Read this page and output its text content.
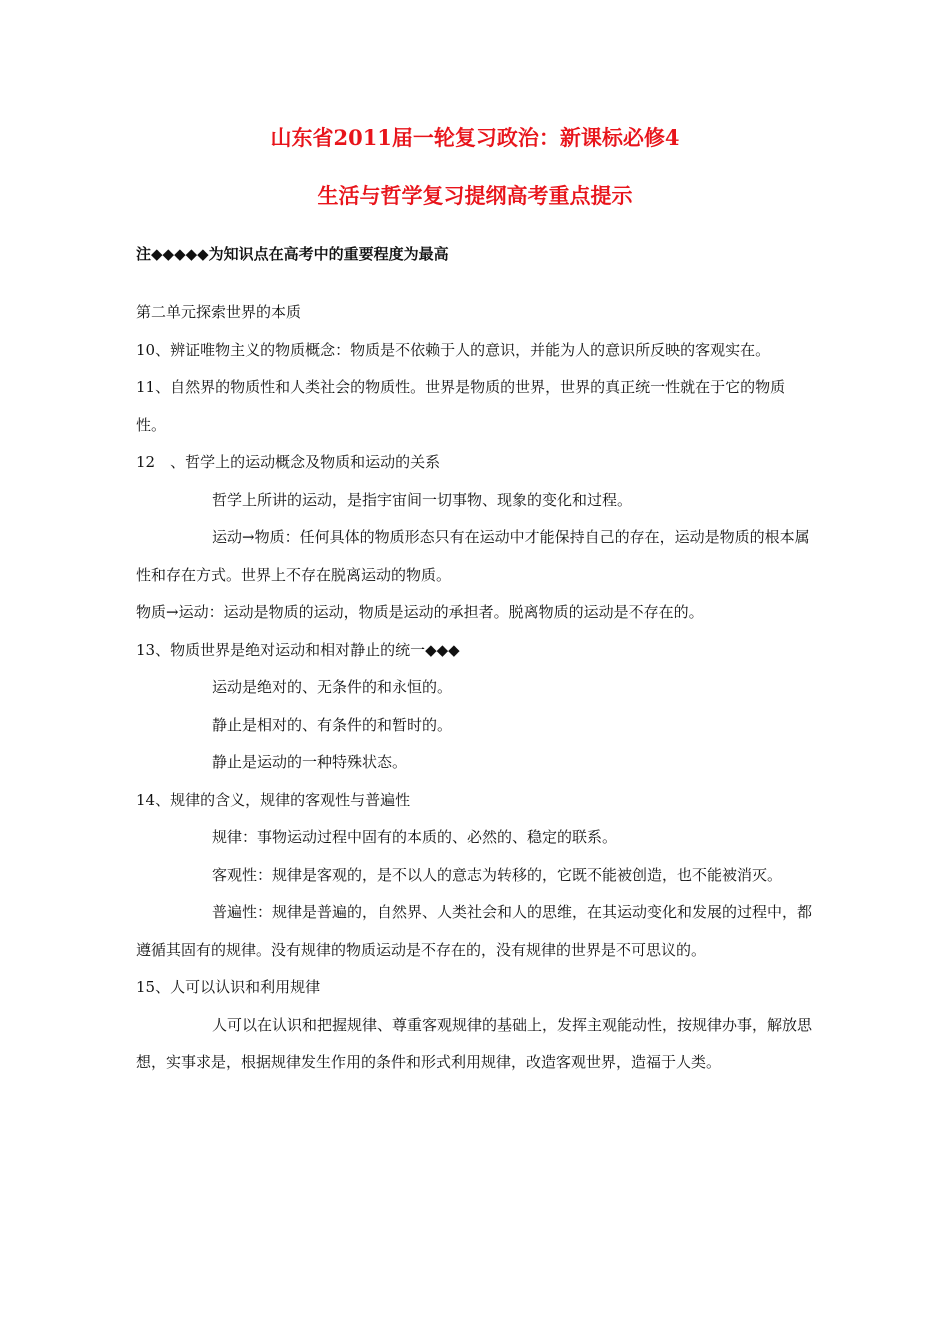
山东省2011届一轮复习政治：新课标必修4
生活与哲学复习提纲高考重点提示
注◆◆◆◆◆为知识点在高考中的重要程度为最高

第二单元探索世界的本质

10、辨证唯物主义的物质概念：物质是不依赖于人的意识，并能为人的意识所反映的客观实在。

11、自然界的物质性和人类社会的物质性。世界是物质的世界，世界的真正统一性就在于它的物质性。

12　、哲学上的运动概念及物质和运动的关系

哲学上所讲的运动，是指宇宙间一切事物、现象的变化和过程。

运动→物质：任何具体的物质形态只有在运动中才能保持自己的存在，运动是物质的根本属性和存在方式。世界上不存在脱离运动的物质。

物质→运动：运动是物质的运动，物质是运动的承担者。脱离物质的运动是不存在的。

13、物质世界是绝对运动和相对静止的统一◆◆◆

运动是绝对的、无条件的和永恒的。

静止是相对的、有条件的和暂时的。

静止是运动的一种特殊状态。

14、规律的含义，规律的客观性与普遍性

规律：事物运动过程中固有的本质的、必然的、稳定的联系。

客观性：规律是客观的，是不以人的意志为转移的，它既不能被创造，也不能被消灭。

普遍性：规律是普遍的，自然界、人类社会和人的思维，在其运动变化和发展的过程中，都遵循其固有的规律。没有规律的物质运动是不存在的，没有规律的世界是不可思议的。

15、人可以认识和利用规律

人可以在认识和把握规律、尊重客观规律的基础上，发挥主观能动性，按规律办事，解放思想，实事求是，根据规律发生作用的条件和形式利用规律，改造客观世界，造福于人类。
